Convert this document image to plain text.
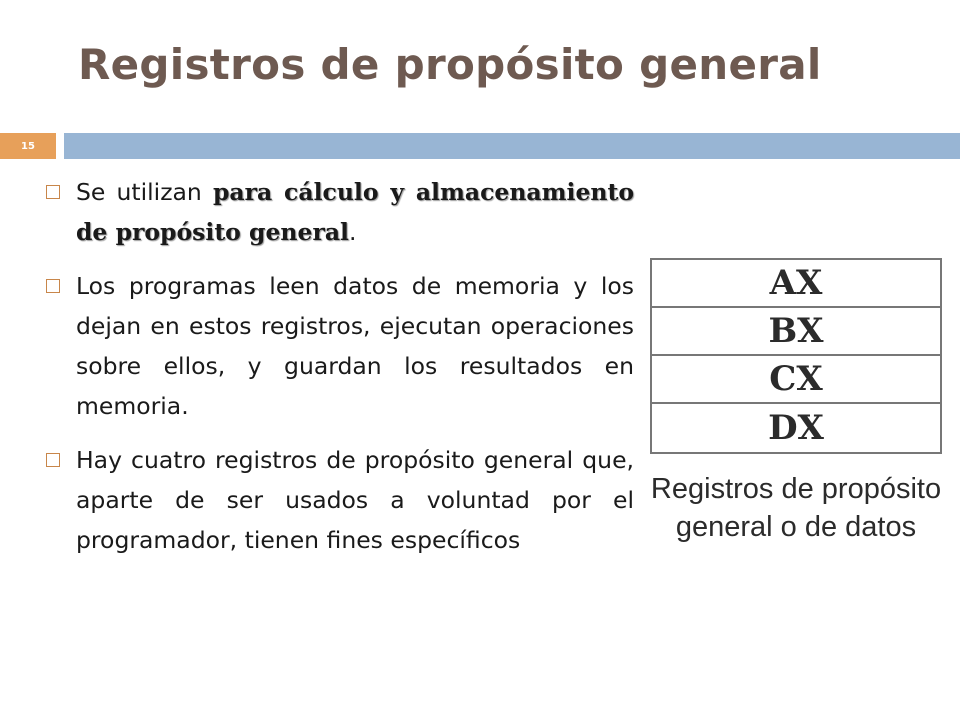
Registros de propósito general
15
Se utilizan para cálculo y almacenamiento de propósito general.
Los programas leen datos de memoria y los dejan en estos registros, ejecutan operaciones sobre ellos, y guardan los resultados en memoria.
Hay cuatro registros de propósito general que, aparte de ser usados a voluntad por el programador, tienen fines específicos
AX
BX
CX
DX
Registros de propósito general o de datos
